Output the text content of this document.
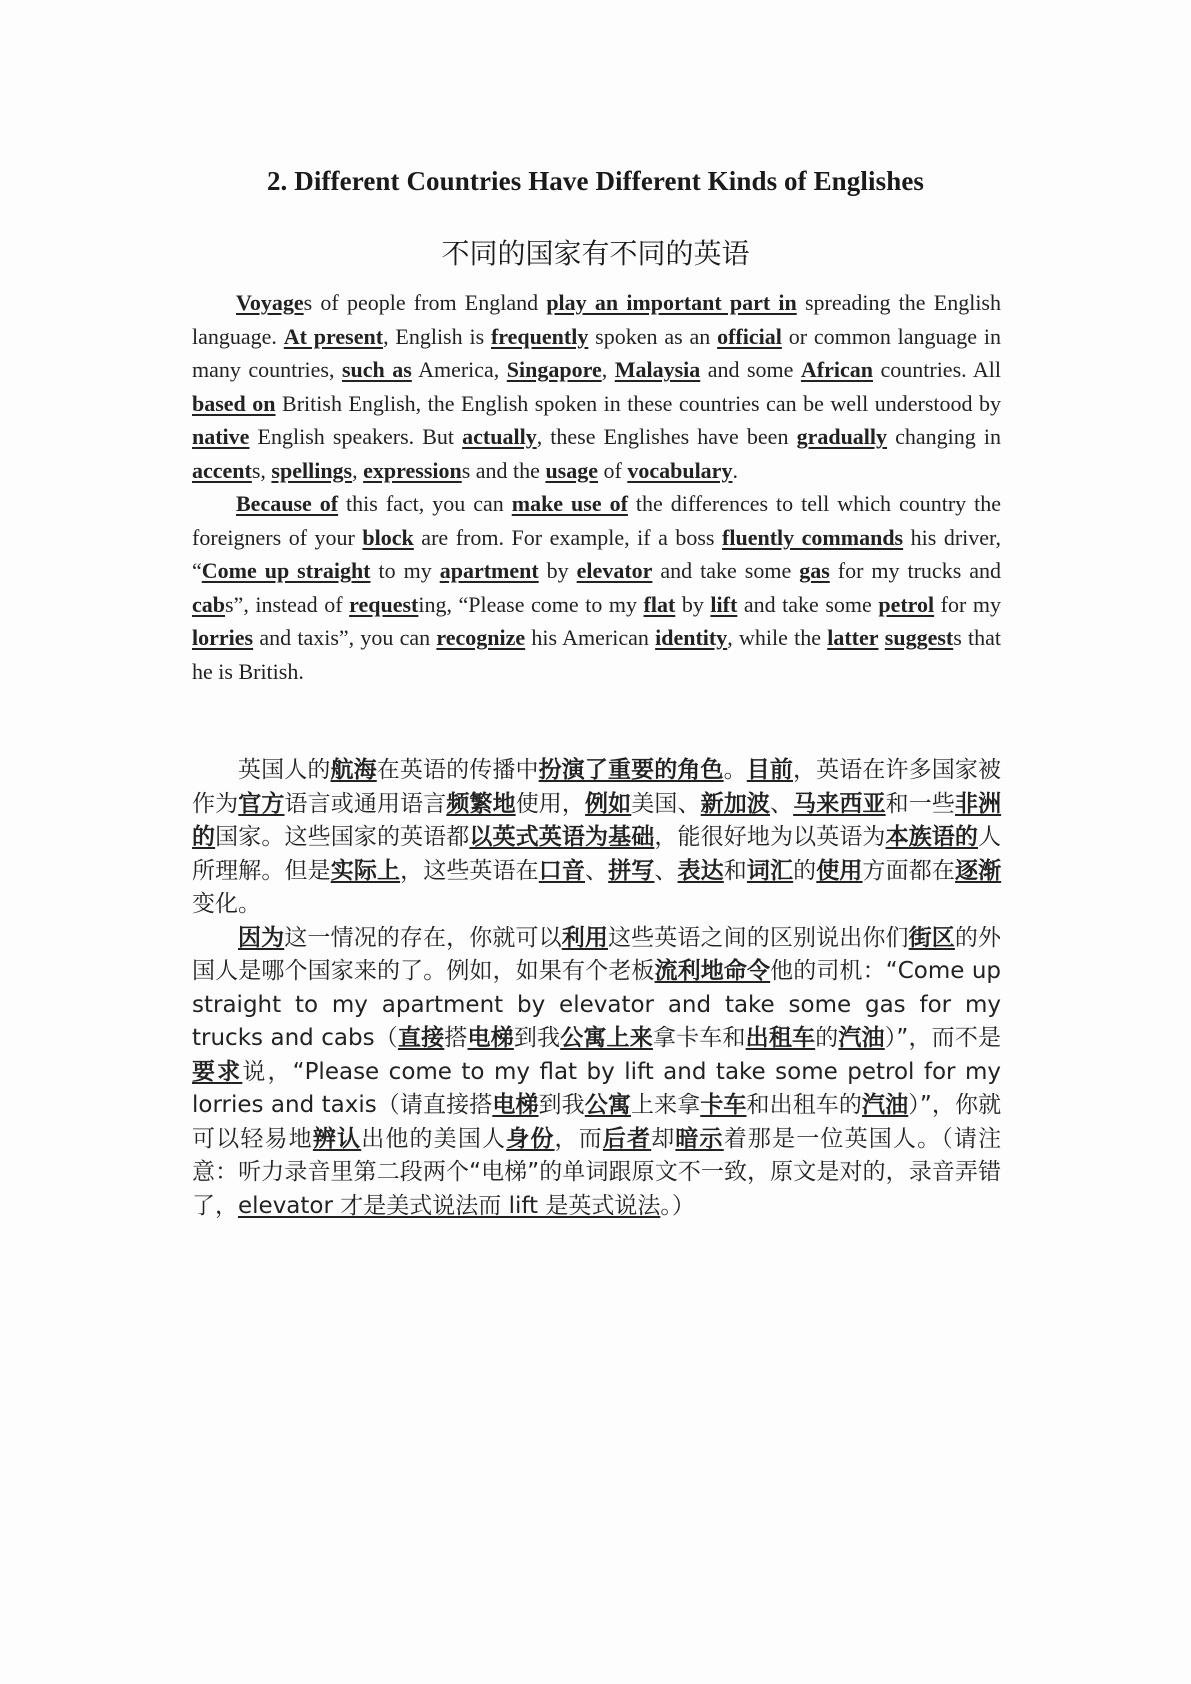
2. Different Countries Have Different Kinds of Englishes
不同的国家有不同的英语

Voyages of people from England play an important part in spreading the English language. At present, English is frequently spoken as an official or common language in many countries, such as America, Singapore, Malaysia and some African countries. All based on British English, the English spoken in these countries can be well understood by native English speakers. But actually, these Englishes have been gradually changing in accents, spellings, expressions and the usage of vocabulary.

Because of this fact, you can make use of the differences to tell which country the foreigners of your block are from. For example, if a boss fluently commands his driver, “Come up straight to my apartment by elevator and take some gas for my trucks and cabs”, instead of requesting, “Please come to my flat by lift and take some petrol for my lorries and taxis”, you can recognize his American identity, while the latter suggests that he is British.

英国人的航海在英语的传播中扮演了重要的角色。目前，英语在许多国家被作为官方语言或通用语言频繁地使用，例如美国、新加波、马来西亚和一些非洲的国家。这些国家的英语都以英式英语为基础，能很好地为以英语为本族语的人所理解。但是实际上，这些英语在口音、拼写、表达和词汇的使用方面都在逐渐变化。

因为这一情况的存在，你就可以利用这些英语之间的区别说出你们街区的外国人是哪个国家来的了。例如，如果有个老板流利地命令他的司机：“Come up straight to my apartment by elevator and take some gas for my trucks and cabs（直接搭电梯到我公寓上来拿卡车和出租车的汽油）”，而不是要求说，“Please come to my flat by lift and take some petrol for my lorries and taxis（请直接搭电梯到我公寓上来拿卡车和出租车的汽油）”，你就可以轻易地辨认出他的美国人身份，而后者却暗示着那是一位英国人。（请注意：听力录音里第二段两个“电梯”的单词跟原文不一致，原文是对的，录音弄错了，elevator 才是美式说法而 lift 是英式说法。）
